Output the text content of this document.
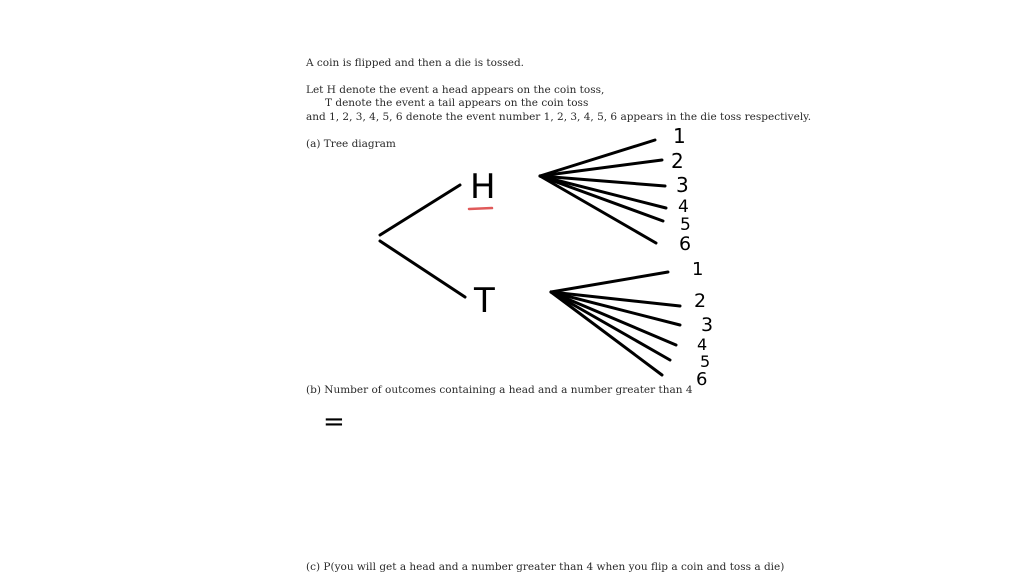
A coin is flipped and then a die is tossed.
Let H denote the event a head appears on the coin toss,
T denote the event a tail appears on the coin toss
and 1, 2, 3, 4, 5, 6 denote the event number 1, 2, 3, 4, 5, 6 appears in the die toss respectively.
(a) Tree diagram
(b) Number of outcomes containing a head and a number greater than 4
(c) P(you will get a head and a number greater than 4 when you flip a coin and toss a die)
H
T
1
2
3
4
5
6
1
2
3
4
5
6
=
